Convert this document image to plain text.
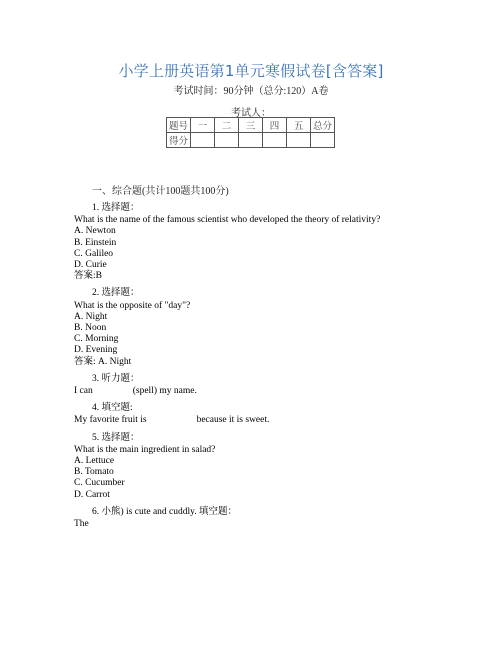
小学上册英语第1单元寒假试卷[含答案]
考试时间：90分钟（总分:120）A卷
考试人：
题号	一	二	三	四	五	总分
得分						
一、综合题(共计100题共100分)
1. 选择题：
What is the name of the famous scientist who developed the theory of relativity?
A. Newton
B. Einstein
C. Galileo
D. Curie
答案:B
2. 选择题：
What is the opposite of "day"?
A. Night
B. Noon
C. Morning
D. Evening
答案: A. Night
3. 听力题：
I can	(spell) my name.
4. 填空题:
My favorite fruit is	because it is sweet.
5. 选择题：
What is the main ingredient in salad?
A. Lettuce
B. Tomato
C. Cucumber
D. Carrot
6. 小熊) is cute and cuddly. 填空题：
The
